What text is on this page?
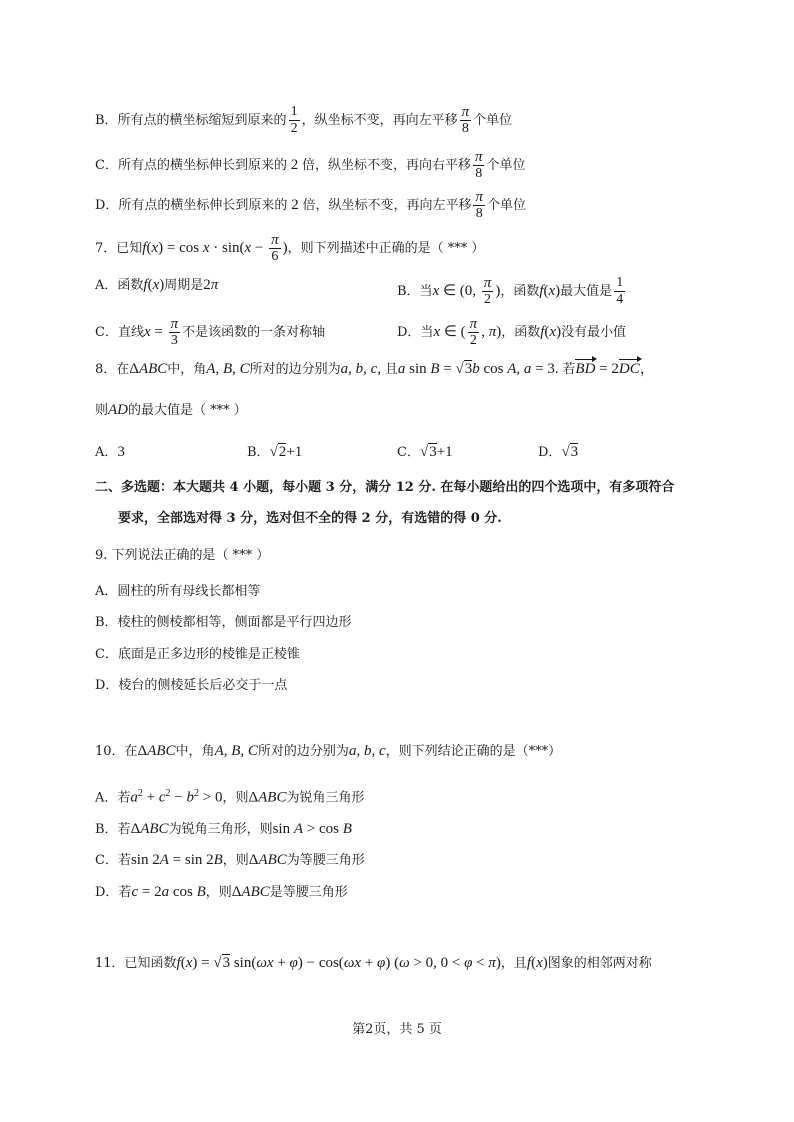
B．所有点的横坐标缩短到原来的 $\frac{1}{2}$ ，纵坐标不变，再向左平移 $\frac{\pi}{8}$ 个单位
C．所有点的横坐标伸长到原来的 2 倍，纵坐标不变，再向右平移 $\frac{\pi}{8}$ 个单位
D．所有点的横坐标伸长到原来的 2 倍，纵坐标不变，再向左平移 $\frac{\pi}{8}$ 个单位
7．已知$f(x) = \cos x \cdot \sin(x - \frac{\pi}{6}$ )，则下列描述中正确的是（ *** ）
A．函数f(x)周期是2π	B．当x ∈ (0, $\frac{\pi}{2}$ )，函数f(x)最大值是 $\frac{1}{4}$
C．直线$x = \frac{\pi}{3}$ 不是该函数的一条对称轴	D．当x ∈ ( $\frac{\pi}{2}$ , π)，函数f(x)没有最小值
8．在ΔABC中，角A, B, C所对的边分别为a, b, c, 且a sin B = √3b cos A, a = 3. 若BD = 2DC，
则AD的最大值是（ *** ）
A．3	B．√2+1	C．√3+1	D．√3
二、多选题：本大题共 4 小题，每小题 3 分，满分 12 分. 在每小题给出的四个选项中，有多项符合
要求，全部选对得 3 分，选对但不全的得 2 分，有选错的得 0 分.
9. 下列说法正确的是（ *** ）
A．圆柱的所有母线长都相等
B．棱柱的侧棱都相等，侧面都是平行四边形
C．底面是正多边形的棱锥是正棱锥
D．棱台的侧棱延长后必交于一点
10．在ΔABC中，角A, B, C所对的边分别为a, b, c，则下列结论正确的是（***）
A．若$a^2 + c^2 - b^2 > 0$，则ΔABC为锐角三角形
B．若ΔABC为锐角三角形，则sin A > cos B
C．若sin 2A = sin 2B，则ΔABC为等腰三角形
D．若c = 2a cos B，则ΔABC是等腰三角形
11．已知函数f(x) = √3 sin(ωx + φ) − cos(ωx + φ) (ω > 0, 0 < φ < π)，且f(x)图象的相邻两对称
第2页，共 5 页
